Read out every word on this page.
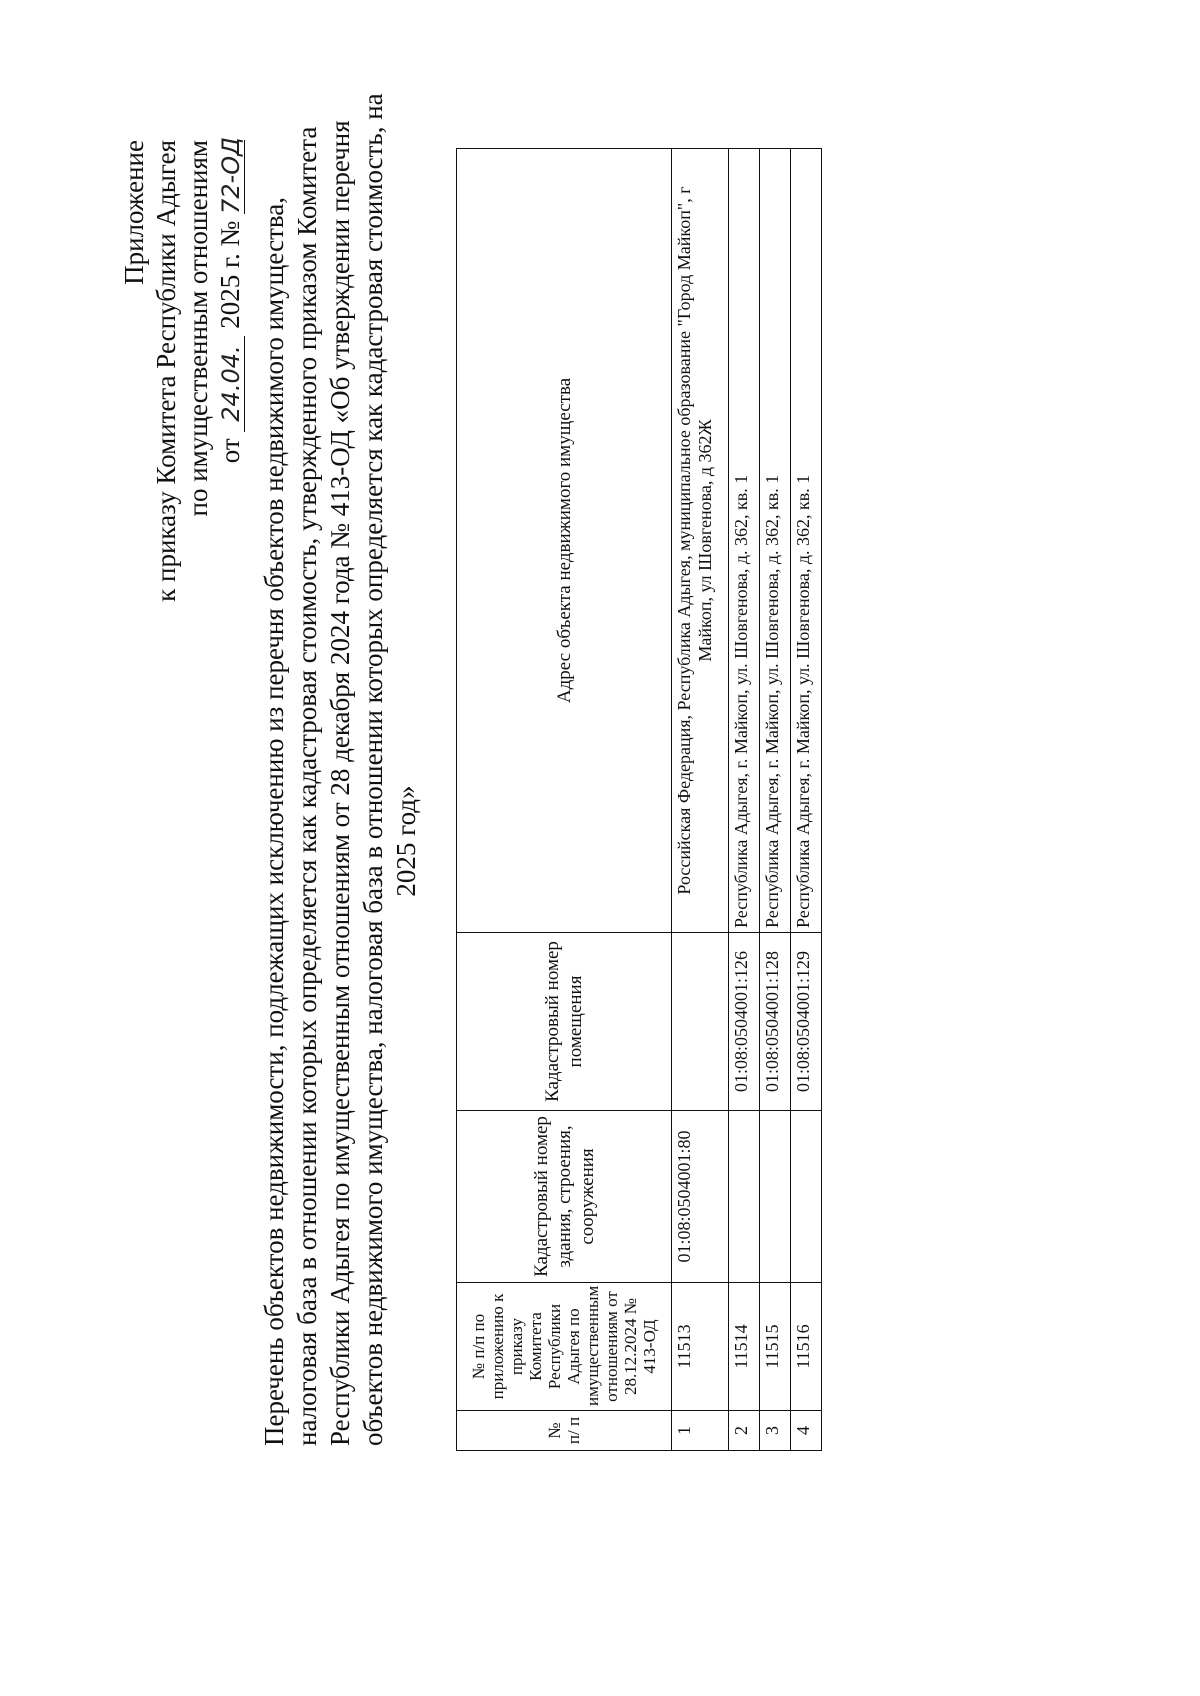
Приложение к приказу Комитета Республики Адыгея по имущественным отношениям от 24.04. 2025 г. № 72-ОД
Перечень объектов недвижимости, подлежащих исключению из перечня объектов недвижимого имущества, налоговая база в отношении которых определяется как кадастровая стоимость, утвержденного приказом Комитета Республики Адыгея по имущественным отношениям от 28 декабря 2024 года № 413-ОД «Об утверждении перечня объектов недвижимого имущества, налоговая база в отношении которых определяется как кадастровая стоимость, на 2025 год»
№ п/ п	№ п/п по приложению к приказу Комитета Республики Адыгея по имущественным отношениям от 28.12.2024 № 413-ОД	Кадастровый номер здания, строения, сооружения	Кадастровый номер помещения	Адрес объекта недвижимого имущества
1	11513	01:08:0504001:80		Российская Федерация, Республика Адыгея, муниципальное образование "Город Майкоп", г Майкоп, ул Шовгенова, д 362Ж
2	11514		01:08:0504001:126	Республика Адыгея, г. Майкоп, ул. Шовгенова, д. 362, кв. 1
3	11515		01:08:0504001:128	Республика Адыгея, г. Майкоп, ул. Шовгенова, д. 362, кв. 1
4	11516		01:08:0504001:129	Республика Адыгея, г. Майкоп, ул. Шовгенова, д. 362, кв. 1
